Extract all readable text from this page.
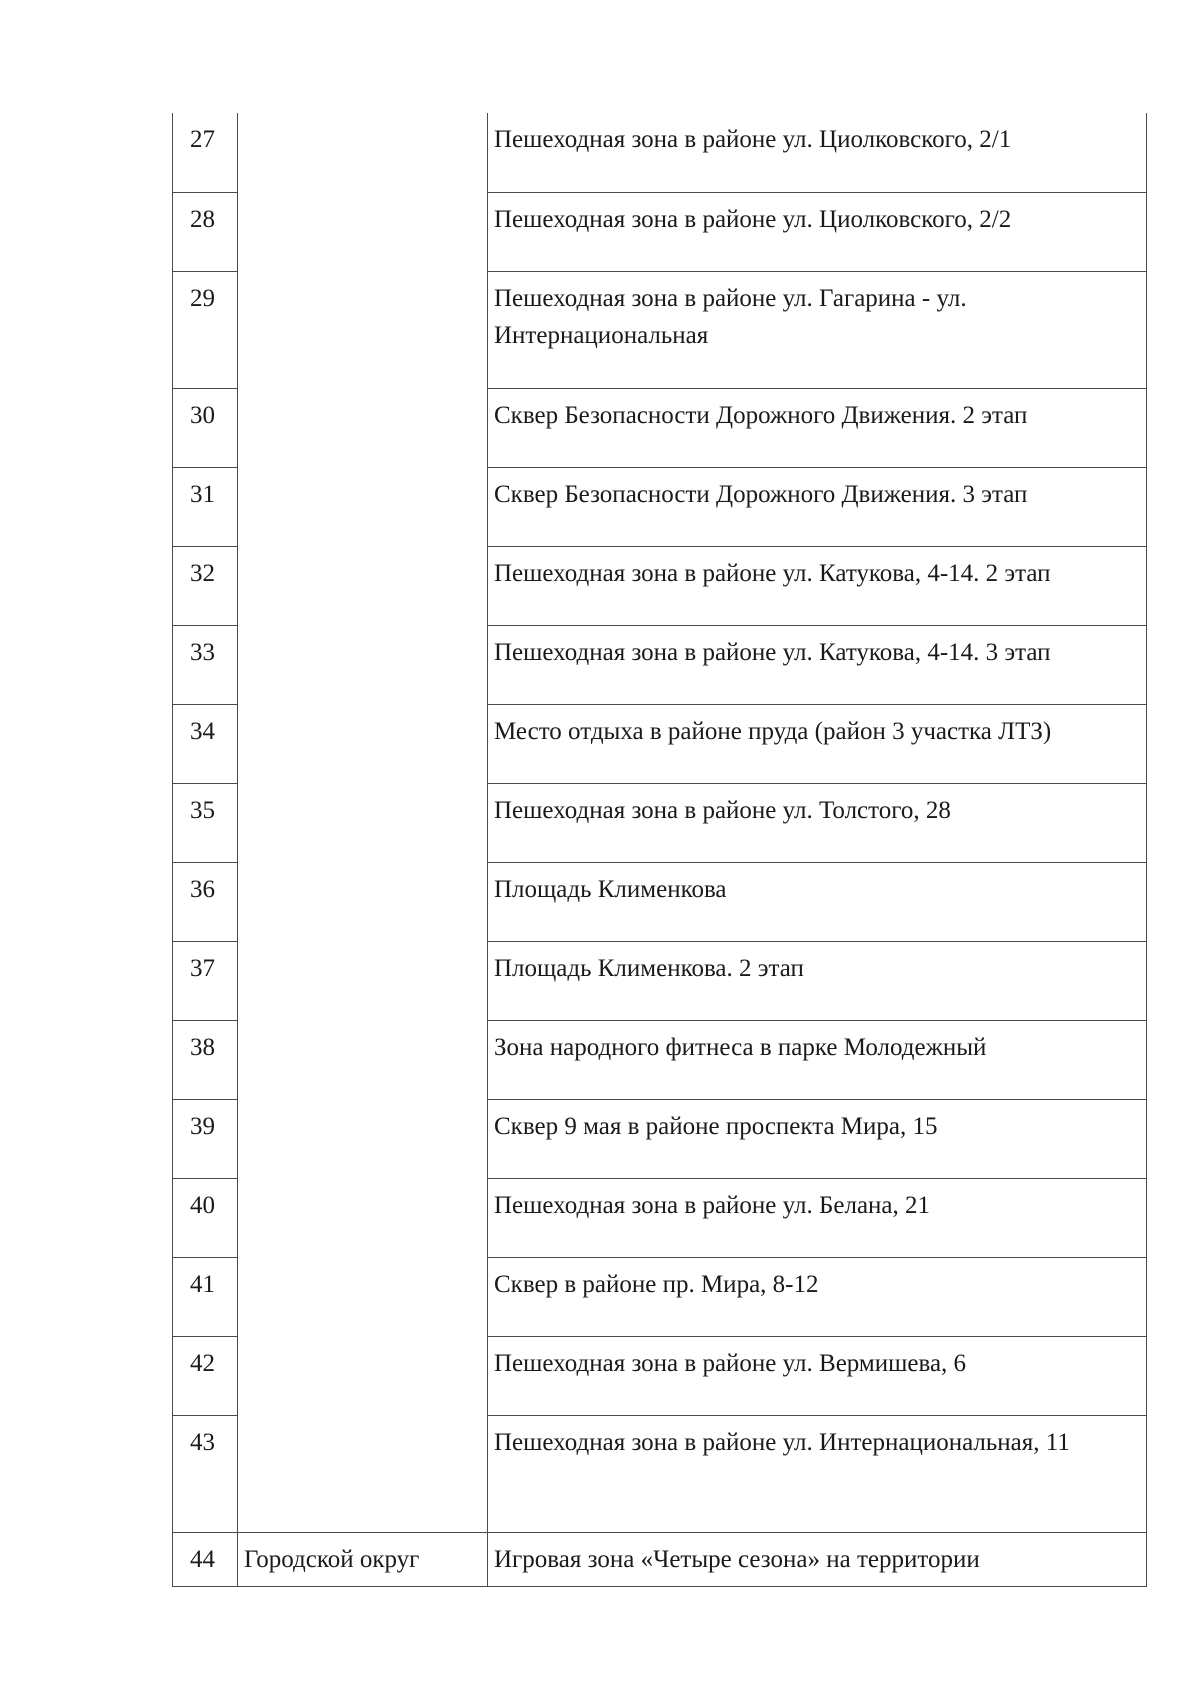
27		Пешеходная зона в районе ул. Циолковского, 2/1
28		Пешеходная зона в районе ул. Циолковского, 2/2
29		Пешеходная зона в районе ул. Гагарина - ул. Интернациональная
30		Сквер Безопасности Дорожного Движения. 2 этап
31		Сквер Безопасности Дорожного Движения. 3 этап
32		Пешеходная зона в районе ул. Катукова, 4-14. 2 этап
33		Пешеходная зона в районе ул. Катукова, 4-14. 3 этап
34		Место отдыха в районе пруда (район 3 участка ЛТЗ)
35		Пешеходная зона в районе ул. Толстого, 28
36		Площадь Клименкова
37		Площадь Клименкова. 2 этап
38		Зона народного фитнеса в парке Молодежный
39		Сквер 9 мая в районе проспекта Мира, 15
40		Пешеходная зона в районе ул. Белана, 21
41		Сквер в районе пр. Мира, 8-12
42		Пешеходная зона в районе ул. Вермишева, 6
43		Пешеходная зона в районе ул. Интернациональная, 11
44	Городской округ	Игровая зона «Четыре сезона» на территории
